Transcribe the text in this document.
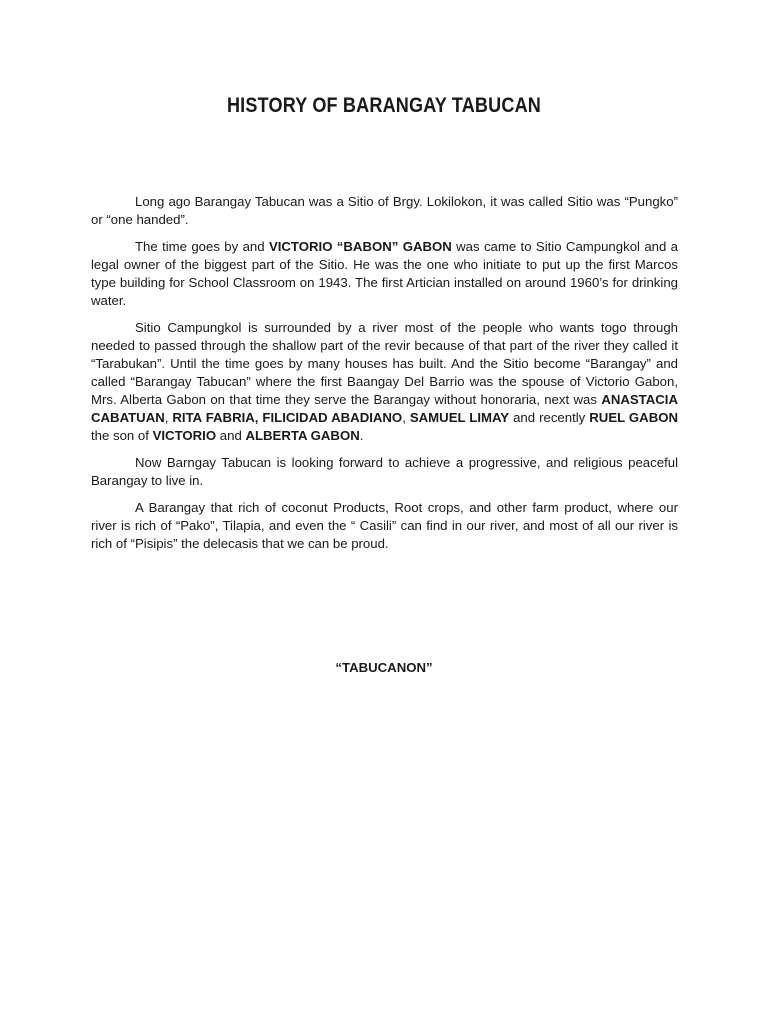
HISTORY OF BARANGAY TABUCAN

Long ago Barangay Tabucan was a Sitio of Brgy. Lokilokon, it was called Sitio was “Pungko” or “one handed”.

The time goes by and VICTORIO “BABON” GABON was came to Sitio Campungkol and a legal owner of the biggest part of the Sitio. He was the one who initiate to put up the first Marcos type building for School Classroom on 1943. The first Artician installed on around 1960’s for drinking water.

Sitio Campungkol is surrounded by a river most of the people who wants togo through needed to passed through the shallow part of the revir because of that part of the river they called it “Tarabukan”. Until the time goes by many houses has built. And the Sitio become “Barangay” and called “Barangay Tabucan” where the first Baangay Del Barrio was the spouse of Victorio Gabon, Mrs. Alberta Gabon on that time they serve the Barangay without honoraria, next was ANASTACIA CABATUAN, RITA FABRIA, FILICIDAD ABADIANO, SAMUEL LIMAY and recently RUEL GABON the son of VICTORIO and ALBERTA GABON.

Now Barngay Tabucan is looking forward to achieve a progressive, and religious peaceful Barangay to live in.

A Barangay that rich of coconut Products, Root crops, and other farm product, where our river is rich of “Pako”, Tilapia, and even the “ Casili” can find in our river, and most of all our river is rich of “Pisipis” the delecasis that we can be proud.

“TABUCANON”
